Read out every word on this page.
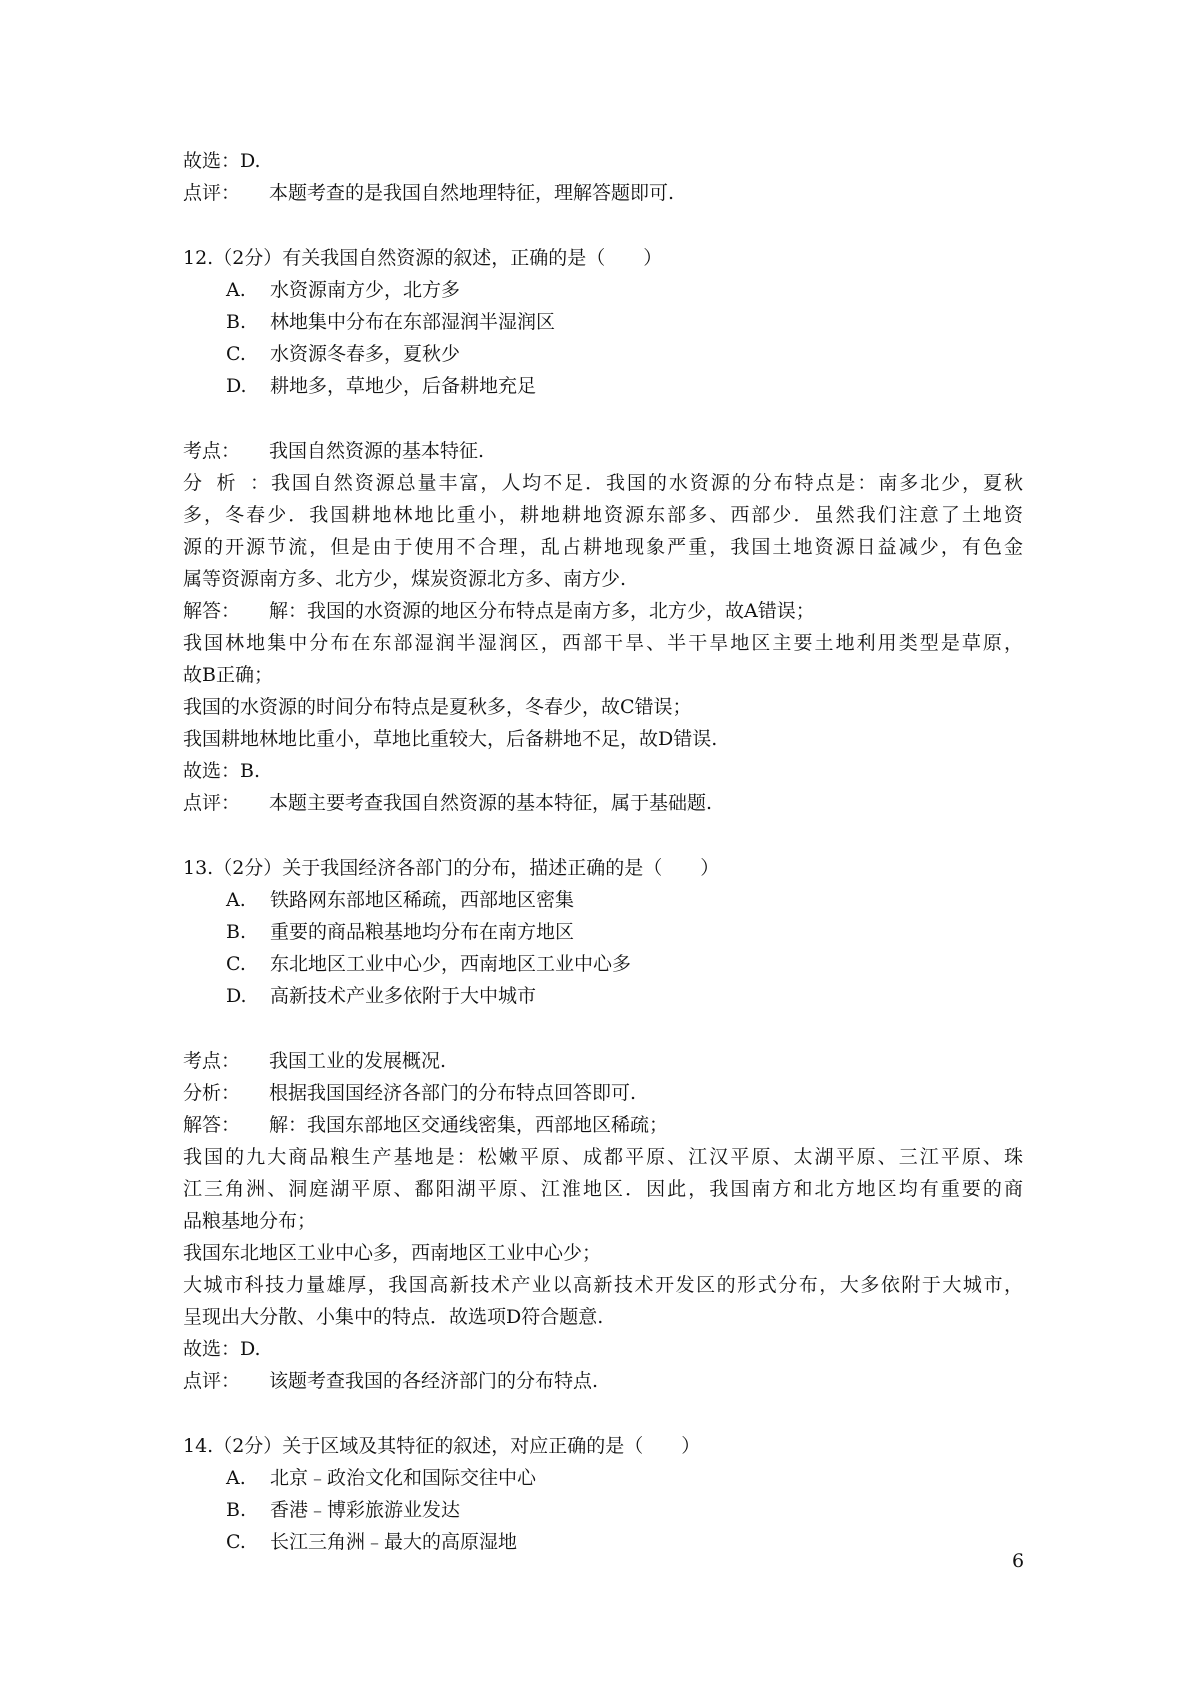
故选：D.
点评： 本题考查的是我国自然地理特征，理解答题即可.
12.（2分）有关我国自然资源的叙述，正确的是（　　）
A. 水资源南方少，北方多
B. 林地集中分布在东部湿润半湿润区
C. 水资源冬春多，夏秋少
D. 耕地多，草地少，后备耕地充足
考点： 我国自然资源的基本特征.
分析：我国自然资源总量丰富，人均不足．我国的水资源的分布特点是：南多北少，夏秋
多，冬春少．我国耕地林地比重小，耕地耕地资源东部多、西部少．虽然我们注意了土地资
源的开源节流，但是由于使用不合理，乱占耕地现象严重，我国土地资源日益减少，有色金
属等资源南方多、北方少，煤炭资源北方多、南方少.
解答： 解：我国的水资源的地区分布特点是南方多，北方少，故A错误；
我国林地集中分布在东部湿润半湿润区，西部干旱、半干旱地区主要土地利用类型是草原，
故B正确；
我国的水资源的时间分布特点是夏秋多，冬春少，故C错误；
我国耕地林地比重小，草地比重较大，后备耕地不足，故D错误.
故选：B.
点评： 本题主要考查我国自然资源的基本特征，属于基础题.
13.（2分）关于我国经济各部门的分布，描述正确的是（　　）
A. 铁路网东部地区稀疏，西部地区密集
B. 重要的商品粮基地均分布在南方地区
C. 东北地区工业中心少，西南地区工业中心多
D. 高新技术产业多依附于大中城市
考点： 我国工业的发展概况.
分析： 根据我国国经济各部门的分布特点回答即可.
解答： 解：我国东部地区交通线密集，西部地区稀疏；
我国的九大商品粮生产基地是：松嫩平原、成都平原、江汉平原、太湖平原、三江平原、珠
江三角洲、洞庭湖平原、鄱阳湖平原、江淮地区．因此，我国南方和北方地区均有重要的商
品粮基地分布；
我国东北地区工业中心多，西南地区工业中心少；
大城市科技力量雄厚，我国高新技术产业以高新技术开发区的形式分布，大多依附于大城市，
呈现出大分散、小集中的特点．故选项D符合题意.
故选：D.
点评： 该题考查我国的各经济部门的分布特点.
14.（2分）关于区域及其特征的叙述，对应正确的是（　　）
A. 北京﹣政治文化和国际交往中心
B. 香港﹣博彩旅游业发达
C. 长江三角洲﹣最大的高原湿地
6
